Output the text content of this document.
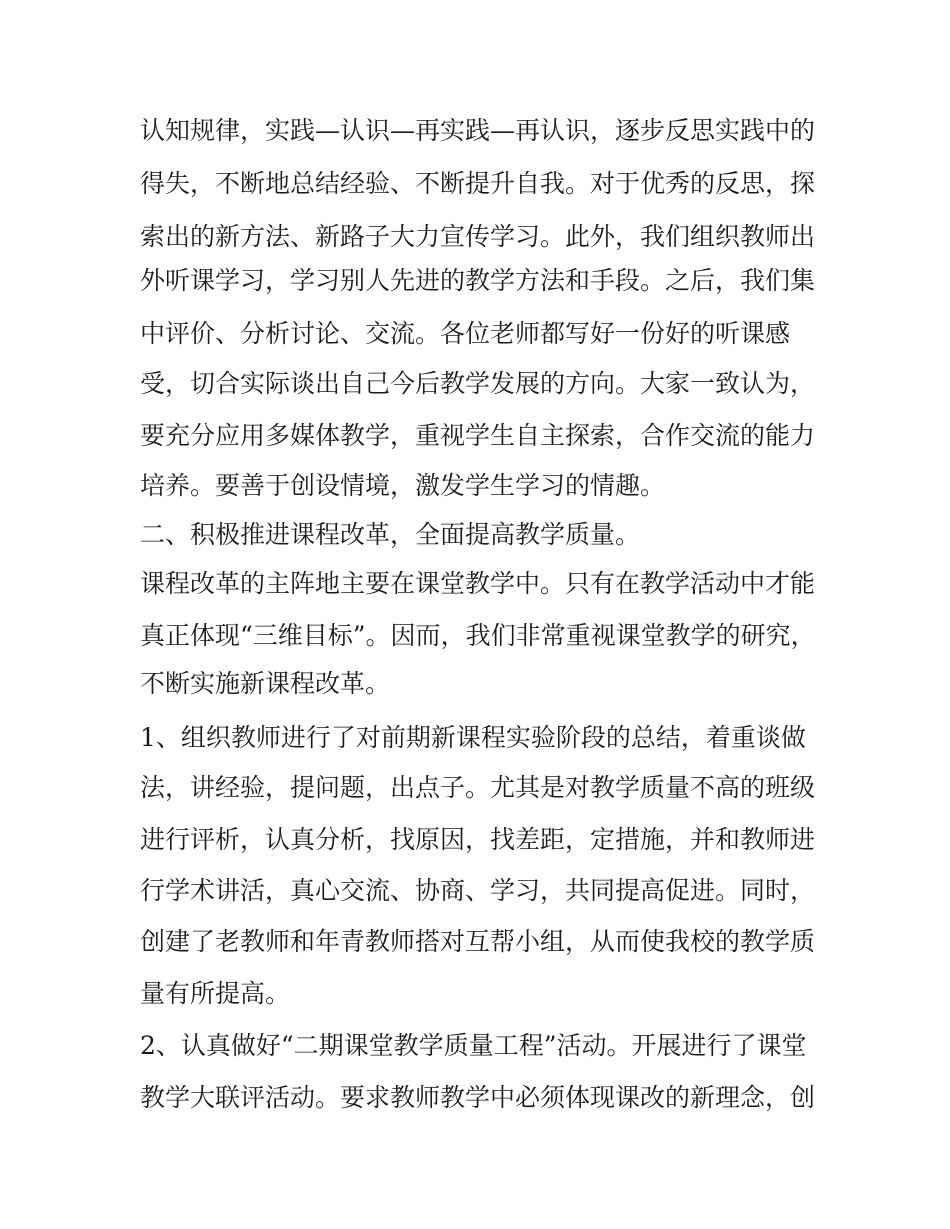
认知规律，实践—认识—再实践—再认识，逐步反思实践中的
得失，不断地总结经验、不断提升自我。对于优秀的反思，探
索出的新方法、新路子大力宣传学习。此外，我们组织教师出
外听课学习，学习别人先进的教学方法和手段。之后，我们集
中评价、分析讨论、交流。各位老师都写好一份好的听课感
受，切合实际谈出自己今后教学发展的方向。大家一致认为，
要充分应用多媒体教学，重视学生自主探索，合作交流的能力
培养。要善于创设情境，激发学生学习的情趣。
二、积极推进课程改革，全面提高教学质量。
课程改革的主阵地主要在课堂教学中。只有在教学活动中才能
真正体现“三维目标”。因而，我们非常重视课堂教学的研究，
不断实施新课程改革。
1、组织教师进行了对前期新课程实验阶段的总结，着重谈做
法，讲经验，提问题，出点子。尤其是对教学质量不高的班级
进行评析，认真分析，找原因，找差距，定措施，并和教师进
行学术讲活，真心交流、协商、学习，共同提高促进。同时，
创建了老教师和年青教师搭对互帮小组，从而使我校的教学质
量有所提高。
2、认真做好“二期课堂教学质量工程”活动。开展进行了课堂
教学大联评活动。要求教师教学中必须体现课改的新理念，创
